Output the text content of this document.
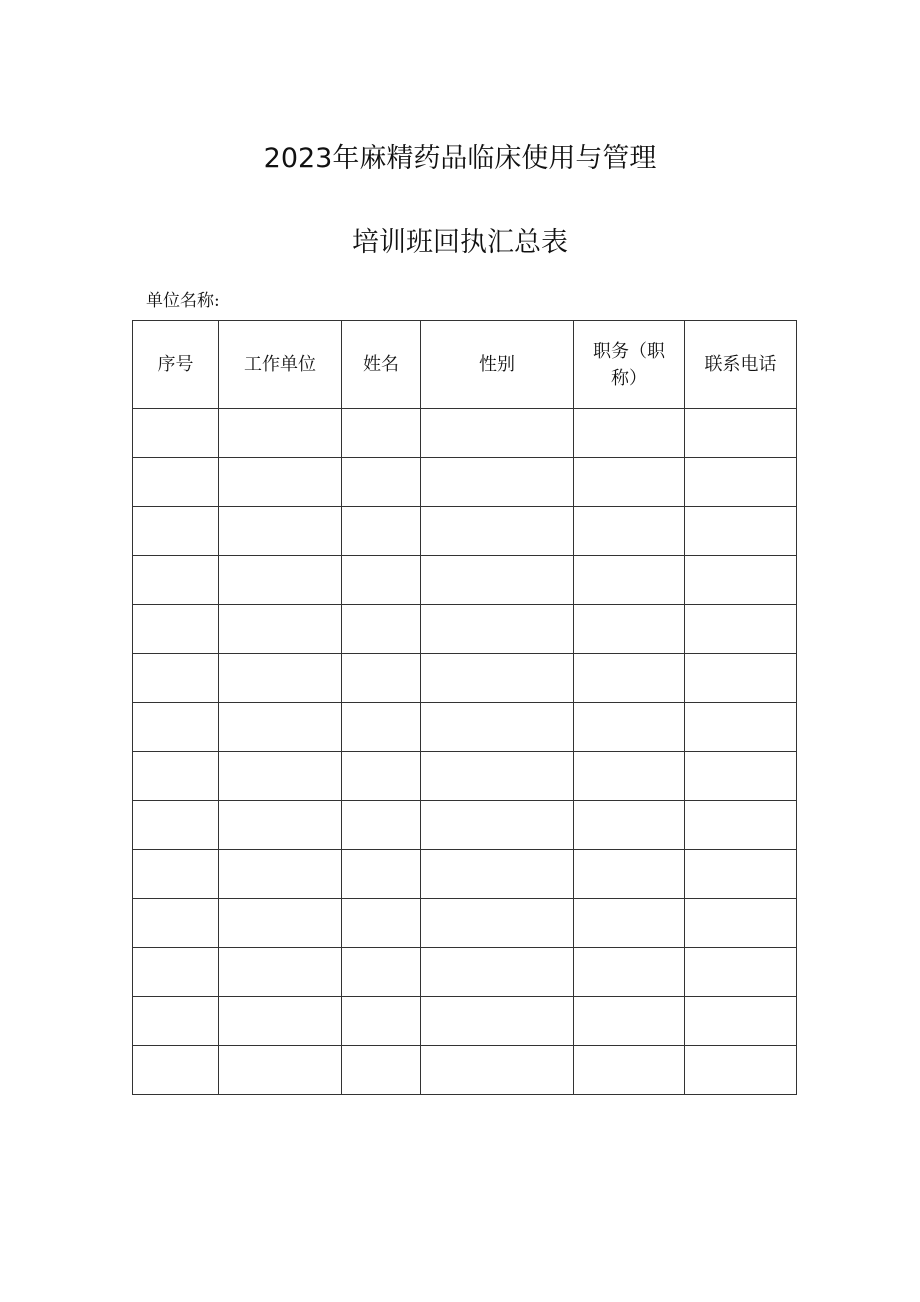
2023年麻精药品临床使用与管理
培训班回执汇总表
单位名称:
序号	工作单位	姓名	性别	职务（职称）	联系电话
